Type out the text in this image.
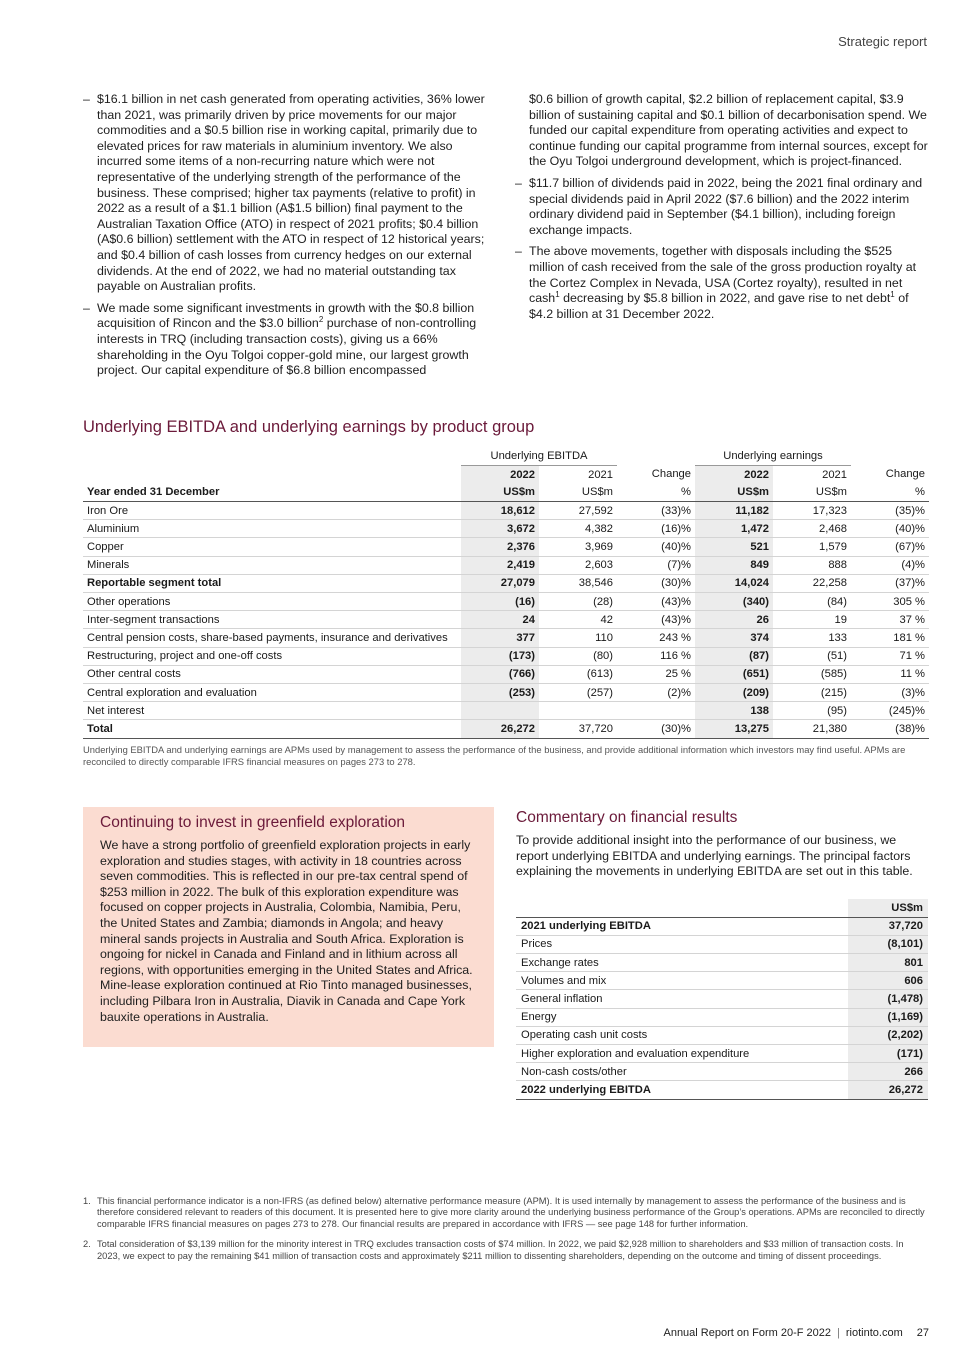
Strategic report
– $16.1 billion in net cash generated from operating activities, 36% lower than 2021, was primarily driven by price movements for our major commodities and a $0.5 billion rise in working capital, primarily due to elevated prices for raw materials in aluminium inventory. We also incurred some items of a non-recurring nature which were not representative of the underlying strength of the performance of the business. These comprised; higher tax payments (relative to profit) in 2022 as a result of a $1.1 billion (A$1.5 billion) final payment to the Australian Taxation Office (ATO) in respect of 2021 profits; $0.4 billion (A$0.6 billion) settlement with the ATO in respect of 12 historical years; and $0.4 billion of cash losses from currency hedges on our external dividends. At the end of 2022, we had no material outstanding tax payable on Australian profits.
– We made some significant investments in growth with the $0.8 billion acquisition of Rincon and the $3.0 billion$^2$ purchase of non-controlling interests in TRQ (including transaction costs), giving us a 66% shareholding in the Oyu Tolgoi copper-gold mine, our largest growth project. Our capital expenditure of $6.8 billion encompassed
$0.6 billion of growth capital, $2.2 billion of replacement capital, $3.9 billion of sustaining capital and $0.1 billion of decarbonisation spend. We funded our capital expenditure from operating activities and expect to continue funding our capital programme from internal sources, except for the Oyu Tolgoi underground development, which is project-financed.
– $11.7 billion of dividends paid in 2022, being the 2021 final ordinary and special dividends paid in April 2022 ($7.6 billion) and the 2022 interim ordinary dividend paid in September ($4.1 billion), including foreign exchange impacts.
– The above movements, together with disposals including the $525 million of cash received from the sale of the gross production royalty at the Cortez Complex in Nevada, USA (Cortez royalty), resulted in net cash$^1$ decreasing by $5.8 billion in 2022, and gave rise to net debt$^1$ of $4.2 billion at 31 December 2022.
Underlying EBITDA and underlying earnings by product group
	Underlying EBITDA			Underlying earnings		
	2022	2021	Change	2022	2021	Change
Year ended 31 December	US$m	US$m	%	US$m	US$m	%
Iron Ore	18,612	27,592	(33)%	11,182	17,323	(35)%
Aluminium	3,672	4,382	(16)%	1,472	2,468	(40)%
Copper	2,376	3,969	(40)%	521	1,579	(67)%
Minerals	2,419	2,603	(7)%	849	888	(4)%
Reportable segment total	27,079	38,546	(30)%	14,024	22,258	(37)%
Other operations	(16)	(28)	(43)%	(340)	(84)	305 %
Inter-segment transactions	24	42	(43)%	26	19	37 %
Central pension costs, share-based payments, insurance and derivatives	377	110	243 %	374	133	181 %
Restructuring, project and one-off costs	(173)	(80)	116 %	(87)	(51)	71 %
Other central costs	(766)	(613)	25 %	(651)	(585)	11 %
Central exploration and evaluation	(253)	(257)	(2)%	(209)	(215)	(3)%
Net interest				138	(95)	(245)%
Total	26,272	37,720	(30)%	13,275	21,380	(38)%
Underlying EBITDA and underlying earnings are APMs used by management to assess the performance of the business, and provide additional information which investors may find useful. APMs are reconciled to directly comparable IFRS financial measures on pages 273 to 278.
Continuing to invest in greenfield exploration
We have a strong portfolio of greenfield exploration projects in early exploration and studies stages, with activity in 18 countries across seven commodities. This is reflected in our pre-tax central spend of $253 million in 2022. The bulk of this exploration expenditure was focused on copper projects in Australia, Colombia, Namibia, Peru, the United States and Zambia; diamonds in Angola; and heavy mineral sands projects in Australia and South Africa. Exploration is ongoing for nickel in Canada and Finland and in lithium across all regions, with opportunities emerging in the United States and Africa. Mine-lease exploration continued at Rio Tinto managed businesses, including Pilbara Iron in Australia, Diavik in Canada and Cape York bauxite operations in Australia.
Commentary on financial results
To provide additional insight into the performance of our business, we report underlying EBITDA and underlying earnings. The principal factors explaining the movements in underlying EBITDA are set out in this table.
	US$m
2021 underlying EBITDA	37,720
Prices	(8,101)
Exchange rates	801
Volumes and mix	606
General inflation	(1,478)
Energy	(1,169)
Operating cash unit costs	(2,202)
Higher exploration and evaluation expenditure	(171)
Non-cash costs/other	266
2022 underlying EBITDA	26,272
1. This financial performance indicator is a non-IFRS (as defined below) alternative performance measure (APM). It is used internally by management to assess the performance of the business and is therefore considered relevant to readers of this document. It is presented here to give more clarity around the underlying business performance of the Group’s operations. APMs are reconciled to directly comparable IFRS financial measures on pages 273 to 278. Our financial results are prepared in accordance with IFRS — see page 148 for further information.
2. Total consideration of $3,139 million for the minority interest in TRQ excludes transaction costs of $74 million. In 2022, we paid $2,928 million to shareholders and $33 million of transaction costs. In 2023, we expect to pay the remaining $41 million of transaction costs and approximately $211 million to dissenting shareholders, depending on the outcome and timing of dissent proceedings.
Annual Report on Form 20-F 2022 | riotinto.com 27
